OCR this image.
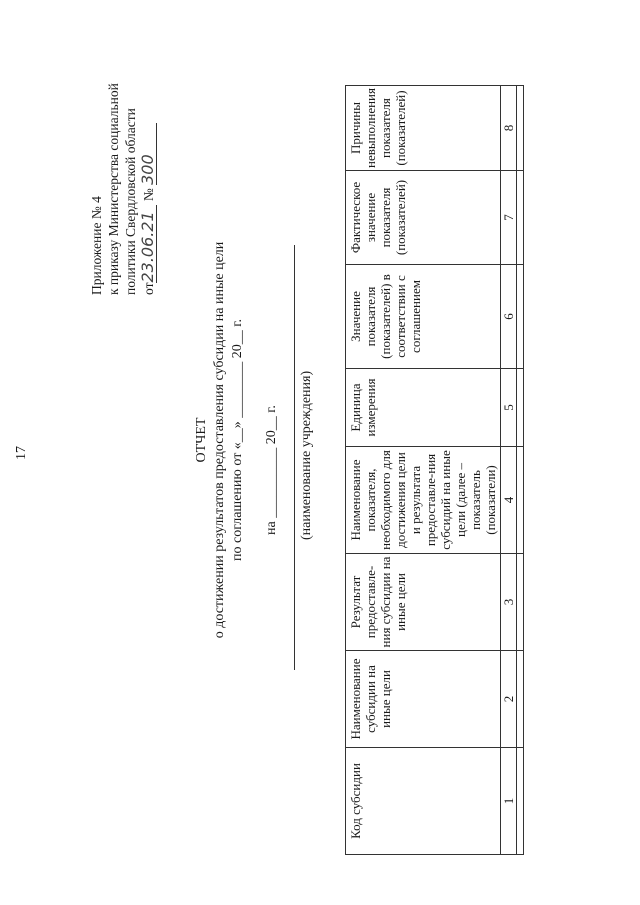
17
Приложение № 4 к приказу Министерства социальной политики Свердловской области от23.06.21 № 300
ОТЧЕТ о достижении результатов предоставления субсидии на иные цели по соглашению от «__» ________ 20__ г. на __________ 20__ г. (наименование учреждения)
Код субсидии	Наименование субсидии на иные цели	Результат предоставле-ния субсидии на иные цели	Наименование показателя, необходимого для достижения цели и результата предоставле-ния субсидий на иные цели (далее – показатель (показатели)	Единица измерения	Значение показателя (показателей) в соответствии с соглашением	Фактическое значение показателя (показателей)	Причины невыполнения показателя (показателей)
1	2	3	4	5	6	7	8
